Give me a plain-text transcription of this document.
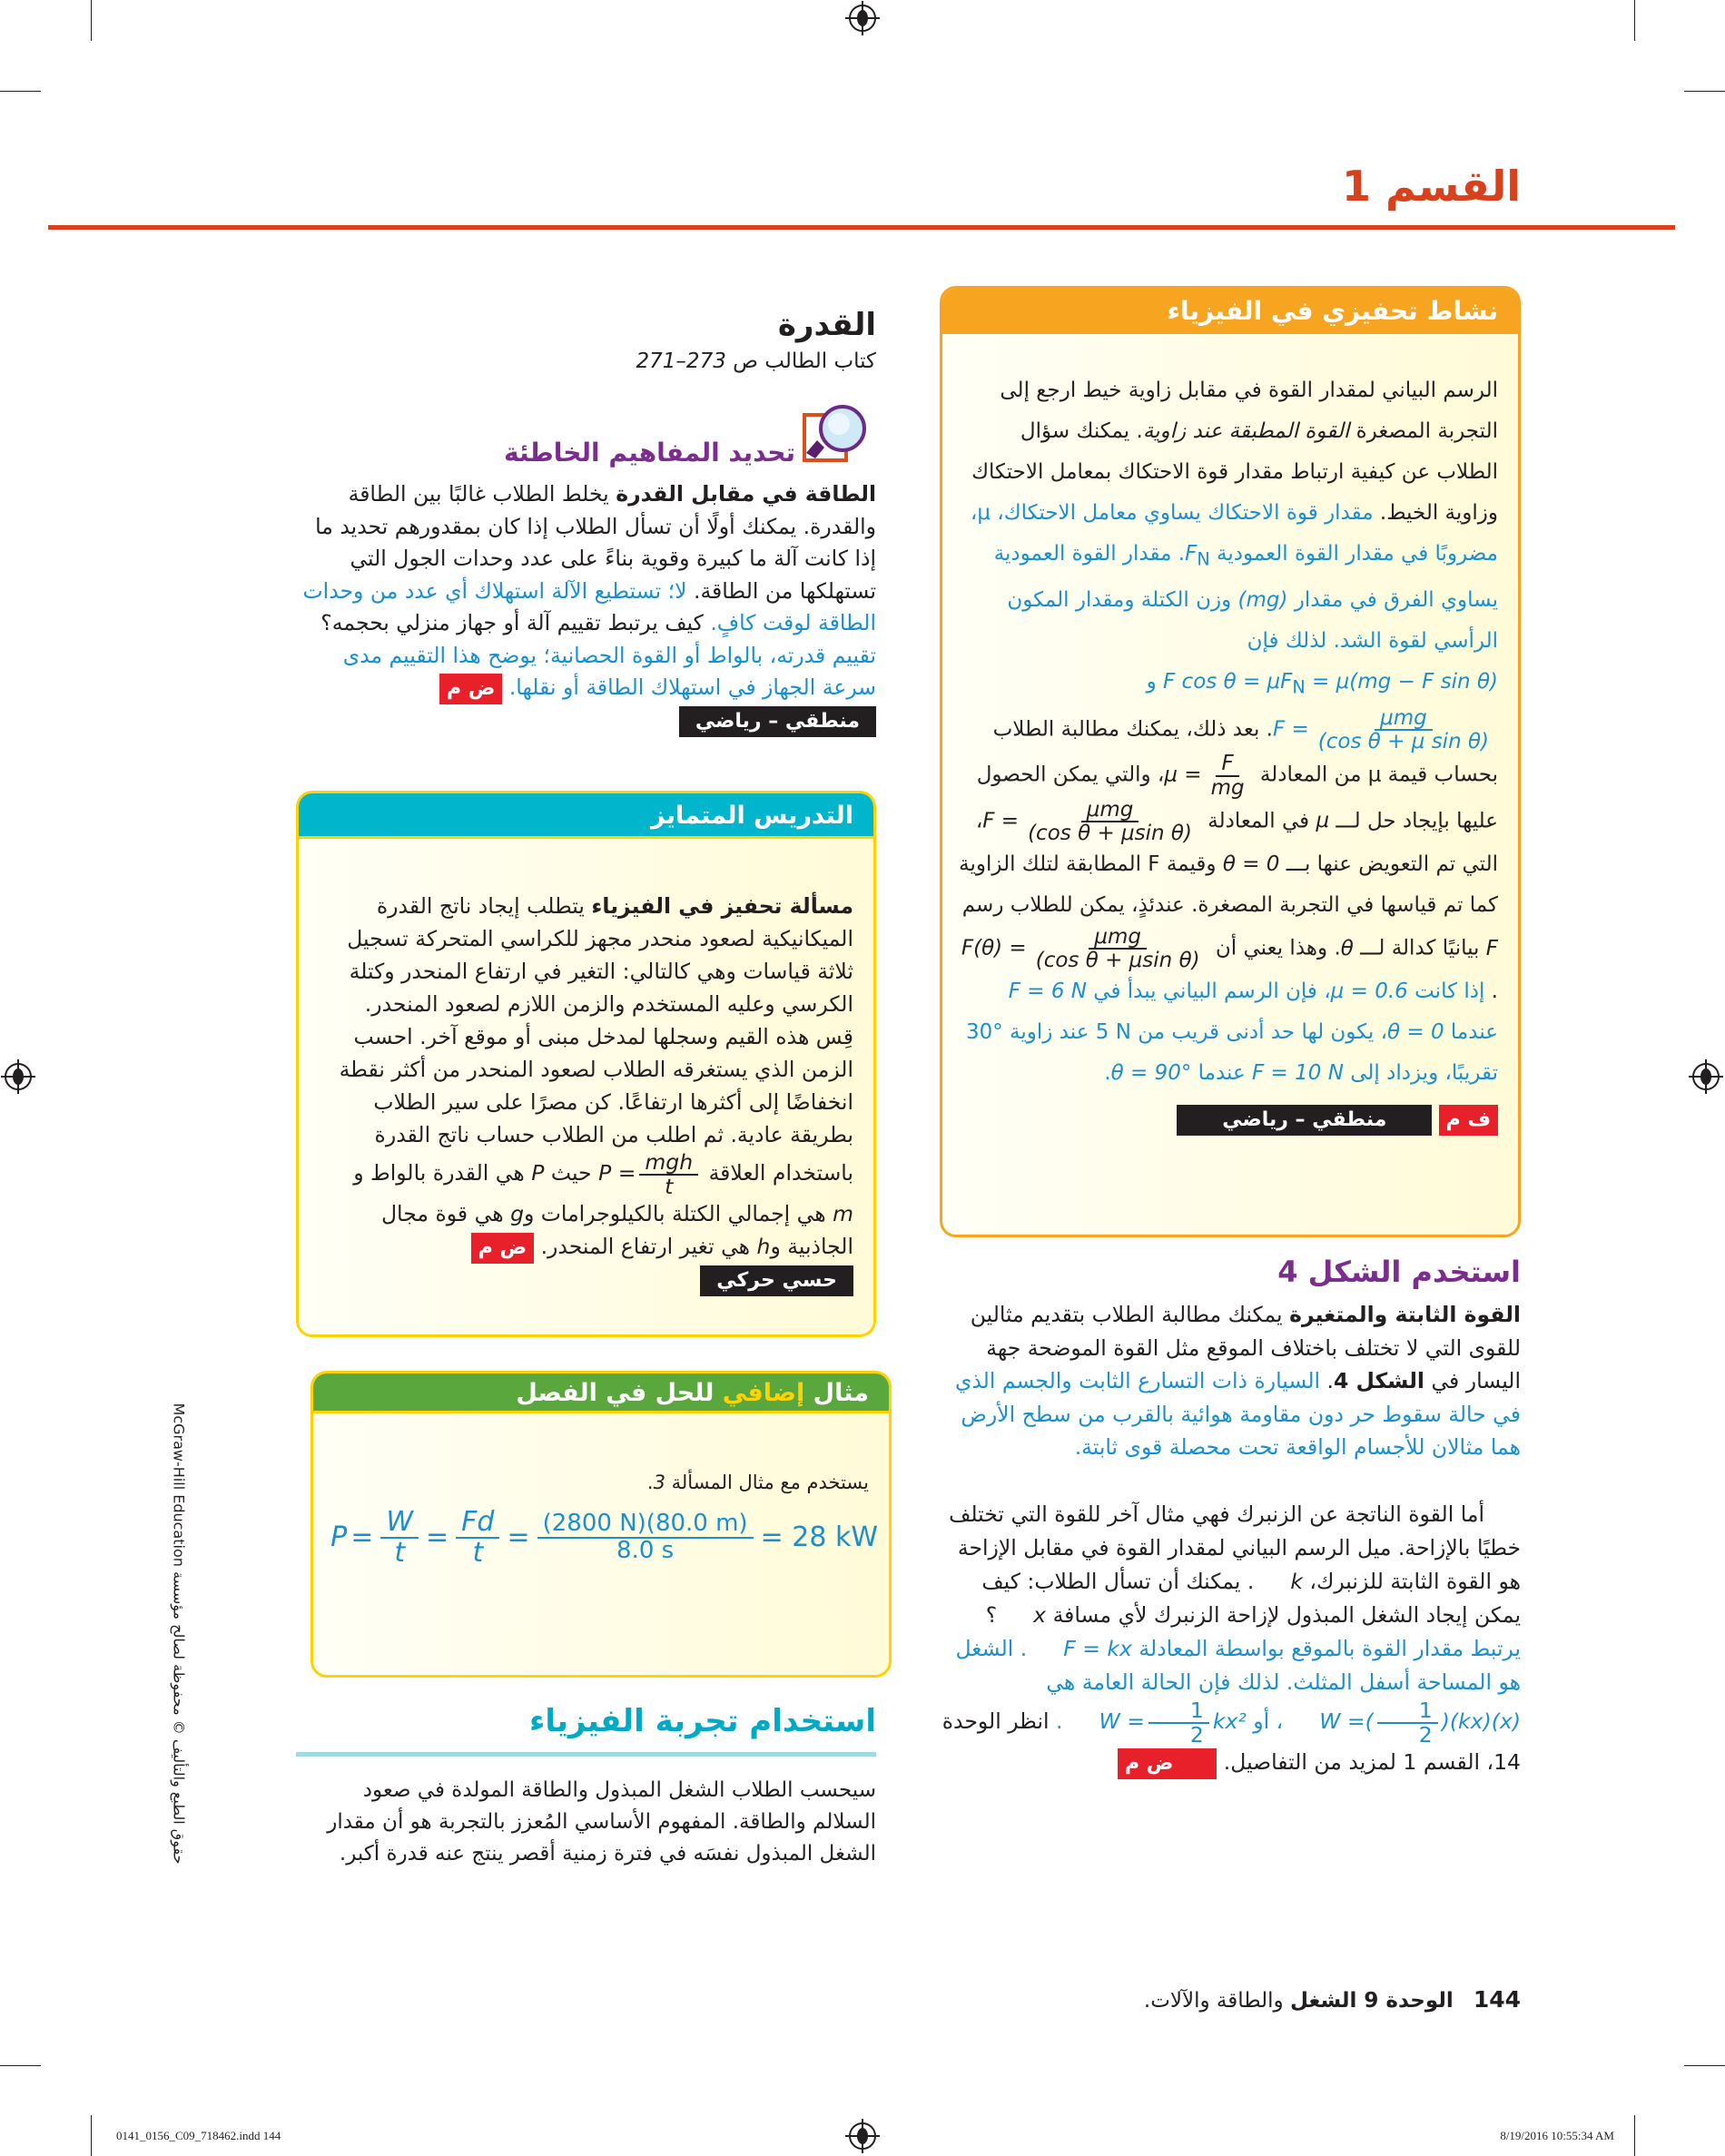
القسم 1
نشاط تحفيزي في الفيزياء
الرسم البياني لمقدار القوة في مقابل زاوية خيط ارجع إلى التجربة المصغرة القوة المطبقة عند زاوية. يمكنك سؤال الطلاب عن كيفية ارتباط مقدار قوة الاحتكاك بمعامل الاحتكاك وزاوية الخيط. مقدار قوة الاحتكاك يساوي معامل الاحتكاك، μ، مضروبًا في مقدار القوة العمودية $F_N$. مقدار القوة العمودية يساوي الفرق في مقدار (mg) وزن الكتلة ومقدار المكون الرأسي لقوة الشد. لذلك فإن F $\cos \theta = \mu F_N = \mu(mg - F$ sin θ) و $F = \frac{\text{μmg}}{\text{(cos θ + μ sin θ)}}$
. بعد ذلك، يمكنك مطالبة الطلاب بحساب قيمة μ من المعادلة $\mu = \frac{F}{mg}$
، والتي يمكن الحصول عليها بإيجاد حل لـــ μ في المعادلة $F = \frac{\text{μmg}}{\text{(cos θ + μsin θ)}}$
، التي تم التعويض عنها بـــ θ = 0 وقيمة F المطابقة لتلك الزاوية كما تم قياسها في التجربة المصغرة. عندئذٍ، يمكن للطلاب رسم F بيانيًا كدالة لـــ θ. وهذا يعني أن $F(\theta) = \frac{\text{μmg}}{\text{(cos θ + μsin θ)}}$
. إذا كانت μ = 0.6، فإن الرسم البياني يبدأ في F = 6 N عندما θ = 0، يكون لها حد أدنى قريب من 5 N عند زاوية 30° تقريبًا، ويزداد إلى F = 10 N عندما θ = 90°.
ف م منطقي – رياضي
القدرة
كتاب الطالب ص 271–273
تحديد المفاهيم الخاطئة
الطاقة في مقابل القدرة يخلط الطلاب غالبًا بين الطاقة والقدرة. يمكنك أولًا أن تسأل الطلاب إذا كان بمقدورهم تحديد ما إذا كانت آلة ما كبيرة وقوية بناءً على عدد وحدات الجول التي تستهلكها من الطاقة. لا؛ تستطيع الآلة استهلاك أي عدد من وحدات الطاقة لوقت كافٍ. كيف يرتبط تقييم آلة أو جهاز منزلي بحجمه؟ تقييم قدرته، بالواط أو القوة الحصانية؛ يوضح هذا التقييم مدى سرعة الجهاز في استهلاك الطاقة أو نقلها. ض م
منطقي – رياضي
التدريس المتمايز
مسألة تحفيز في الفيزياء يتطلب إيجاد ناتج القدرة الميكانيكية لصعود منحدر مجهز للكراسي المتحركة تسجيل ثلاثة قياسات وهي كالتالي: التغير في ارتفاع المنحدر وكتلة الكرسي وعليه المستخدم والزمن اللازم لصعود المنحدر. قِس هذه القيم وسجلها لمدخل مبنى أو موقع آخر. احسب الزمن الذي يستغرقه الطلاب لصعود المنحدر من أكثر نقطة انخفاضًا إلى أكثرها ارتفاعًا. كن مصرًا على سير الطلاب بطريقة عادية. ثم اطلب من الطلاب حساب ناتج القدرة باستخدام العلاقة $P = \frac{\text{mgh}}{t}$
حيث P هي القدرة بالواط وm هي إجمالي الكتلة بالكيلوجرامات وg هي قوة مجال الجاذبية وh هي تغير ارتفاع المنحدر. ض م حسي حركي
مثال إضافي للحل في الفصل
يستخدم مع مثال المسألة 3.
$P = \frac{W}{t} = \frac{Fd}{t} = \frac{(2800 N)(80.0 m)}{8.0 s} = 28$ kW
استخدام تجربة الفيزياء
سيحسب الطلاب الشغل المبذول والطاقة المولدة في صعود السلالم والطاقة. المفهوم الأساسي المُعزز بالتجربة هو أن مقدار الشغل المبذول نفسَه في فترة زمنية أقصر ينتج عنه قدرة أكبر.
استخدم الشكل 4
القوة الثابتة والمتغيرة يمكنك مطالبة الطلاب بتقديم مثالين للقوى التي لا تختلف باختلاف الموقع مثل القوة الموضحة جهة اليسار في الشكل 4. السيارة ذات التسارع الثابت والجسم الذي في حالة سقوط حر دون مقاومة هوائية بالقرب من سطح الأرض هما مثالان للأجسام الواقعة تحت محصلة قوى ثابتة.
أما القوة الناتجة عن الزنبرك فهي مثال آخر للقوة التي تختلف خطيًا بالإزاحة. ميل الرسم البياني لمقدار القوة في مقابل الإزاحة هو القوة الثابتة للزنبرك، k. يمكنك أن تسأل الطلاب: كيف يمكن إيجاد الشغل المبذول لإزاحة الزنبرك لأي مسافة x؟ يرتبط مقدار القوة بالموقع بواسطة المعادلة F = kx. الشغل هو المساحة أسفل المثلث. لذلك فإن الحالة العامة هي W =( $\frac{1}{2}$ )(kx)(x)، أو $W = \frac{1}{2} kx^2$. انظر الوحدة 14، القسم 1 لمزيد من التفاصيل. ض م
144الوحدة 9 الشغل والطاقة والآلات.
حقوق الطبع والتأليف © محفوظة لصالح مؤسسة McGraw-Hill Education
0141_0156_C09_718462.indd 144	8/19/2016 10:55:34 AM
